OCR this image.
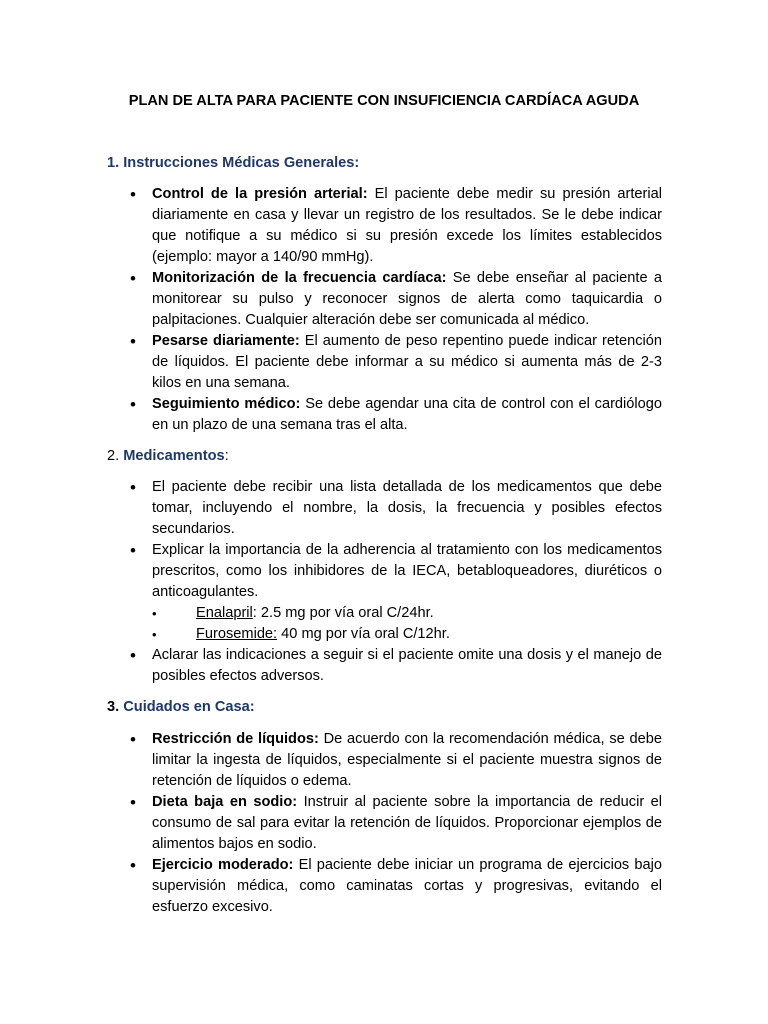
PLAN DE ALTA PARA PACIENTE CON INSUFICIENCIA CARDÍACA AGUDA
1. Instrucciones Médicas Generales:
• Control de la presión arterial: El paciente debe medir su presión arterial diariamente en casa y llevar un registro de los resultados. Se le debe indicar que notifique a su médico si su presión excede los límites establecidos (ejemplo: mayor a 140/90 mmHg).
• Monitorización de la frecuencia cardíaca: Se debe enseñar al paciente a monitorear su pulso y reconocer signos de alerta como taquicardia o palpitaciones. Cualquier alteración debe ser comunicada al médico.
• Pesarse diariamente: El aumento de peso repentino puede indicar retención de líquidos. El paciente debe informar a su médico si aumenta más de 2-3 kilos en una semana.
• Seguimiento médico: Se debe agendar una cita de control con el cardiólogo en un plazo de una semana tras el alta.
2. Medicamentos:
• El paciente debe recibir una lista detallada de los medicamentos que debe tomar, incluyendo el nombre, la dosis, la frecuencia y posibles efectos secundarios.
• Explicar la importancia de la adherencia al tratamiento con los medicamentos prescritos, como los inhibidores de la IECA, betabloqueadores, diuréticos o anticoagulantes.
• Enalapril: 2.5 mg por vía oral C/24hr.
• Furosemide: 40 mg por vía oral C/12hr.
• Aclarar las indicaciones a seguir si el paciente omite una dosis y el manejo de posibles efectos adversos.
3. Cuidados en Casa:
• Restricción de líquidos: De acuerdo con la recomendación médica, se debe limitar la ingesta de líquidos, especialmente si el paciente muestra signos de retención de líquidos o edema.
• Dieta baja en sodio: Instruir al paciente sobre la importancia de reducir el consumo de sal para evitar la retención de líquidos. Proporcionar ejemplos de alimentos bajos en sodio.
• Ejercicio moderado: El paciente debe iniciar un programa de ejercicios bajo supervisión médica, como caminatas cortas y progresivas, evitando el esfuerzo excesivo.
